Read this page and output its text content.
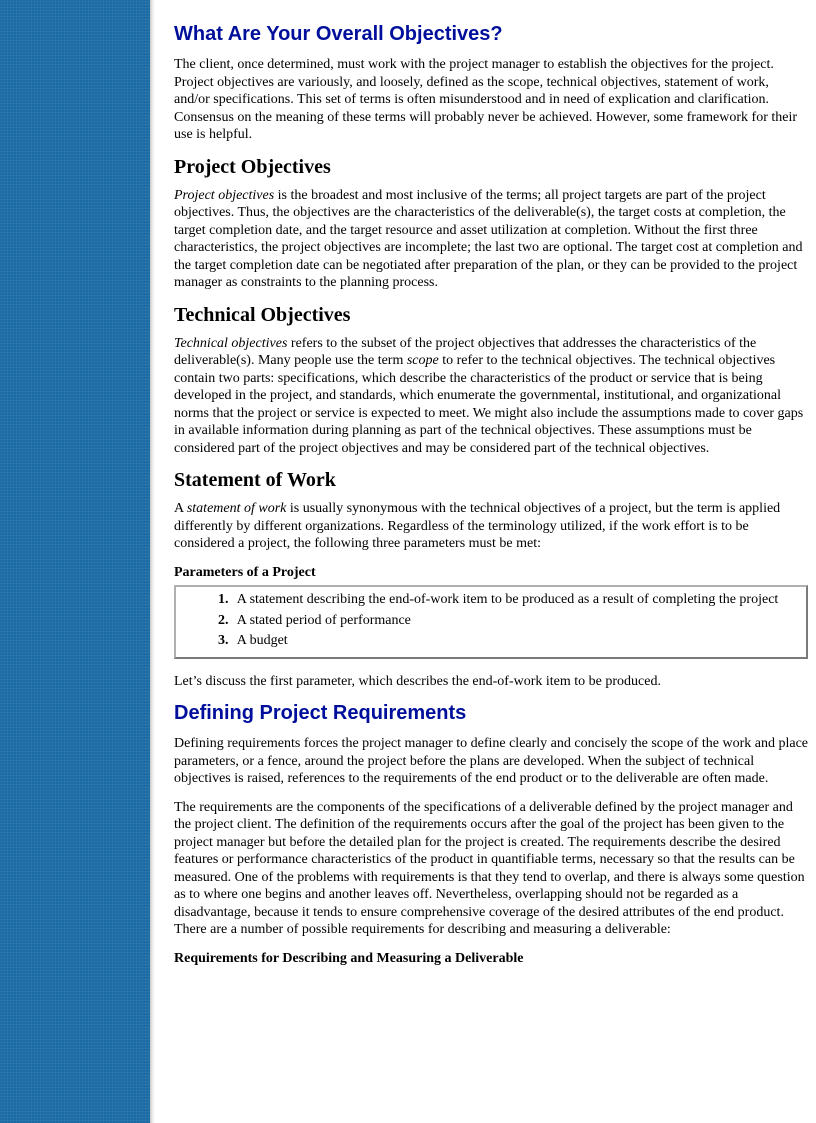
What Are Your Overall Objectives?

The client, once determined, must work with the project manager to establish the objectives for the project. Project objectives are variously, and loosely, defined as the scope, technical objectives, statement of work, and/or specifications. This set of terms is often misunderstood and in need of explication and clarification. Consensus on the meaning of these terms will probably never be achieved. However, some framework for their use is helpful.

Project Objectives

Project objectives is the broadest and most inclusive of the terms; all project targets are part of the project objectives. Thus, the objectives are the characteristics of the deliverable(s), the target costs at completion, the target completion date, and the target resource and asset utilization at completion. Without the first three characteristics, the project objectives are incomplete; the last two are optional. The target cost at completion and the target completion date can be negotiated after preparation of the plan, or they can be provided to the project manager as constraints to the planning process.

Technical Objectives

Technical objectives refers to the subset of the project objectives that addresses the characteristics of the deliverable(s). Many people use the term scope to refer to the technical objectives. The technical objectives contain two parts: specifications, which describe the characteristics of the product or service that is being developed in the project, and standards, which enumerate the governmental, institutional, and organizational norms that the project or service is expected to meet. We might also include the assumptions made to cover gaps in available information during planning as part of the technical objectives. These assumptions must be considered part of the project objectives and may be considered part of the technical objectives.

Statement of Work

A statement of work is usually synonymous with the technical objectives of a project, but the term is applied differently by different organizations. Regardless of the terminology utilized, if the work effort is to be considered a project, the following three parameters must be met:

Parameters of a Project

1. A statement describing the end-of-work item to be produced as a result of completing the project
2. A stated period of performance
3. A budget

Let’s discuss the first parameter, which describes the end-of-work item to be produced.

Defining Project Requirements

Defining requirements forces the project manager to define clearly and concisely the scope of the work and place parameters, or a fence, around the project before the plans are developed. When the subject of technical objectives is raised, references to the requirements of the end product or to the deliverable are often made.

The requirements are the components of the specifications of a deliverable defined by the project manager and the project client. The definition of the requirements occurs after the goal of the project has been given to the project manager but before the detailed plan for the project is created. The requirements describe the desired features or performance characteristics of the product in quantifiable terms, necessary so that the results can be measured. One of the problems with requirements is that they tend to overlap, and there is always some question as to where one begins and another leaves off. Nevertheless, overlapping should not be regarded as a disadvantage, because it tends to ensure comprehensive coverage of the desired attributes of the end product. There are a number of possible requirements for describing and measuring a deliverable:

Requirements for Describing and Measuring a Deliverable
